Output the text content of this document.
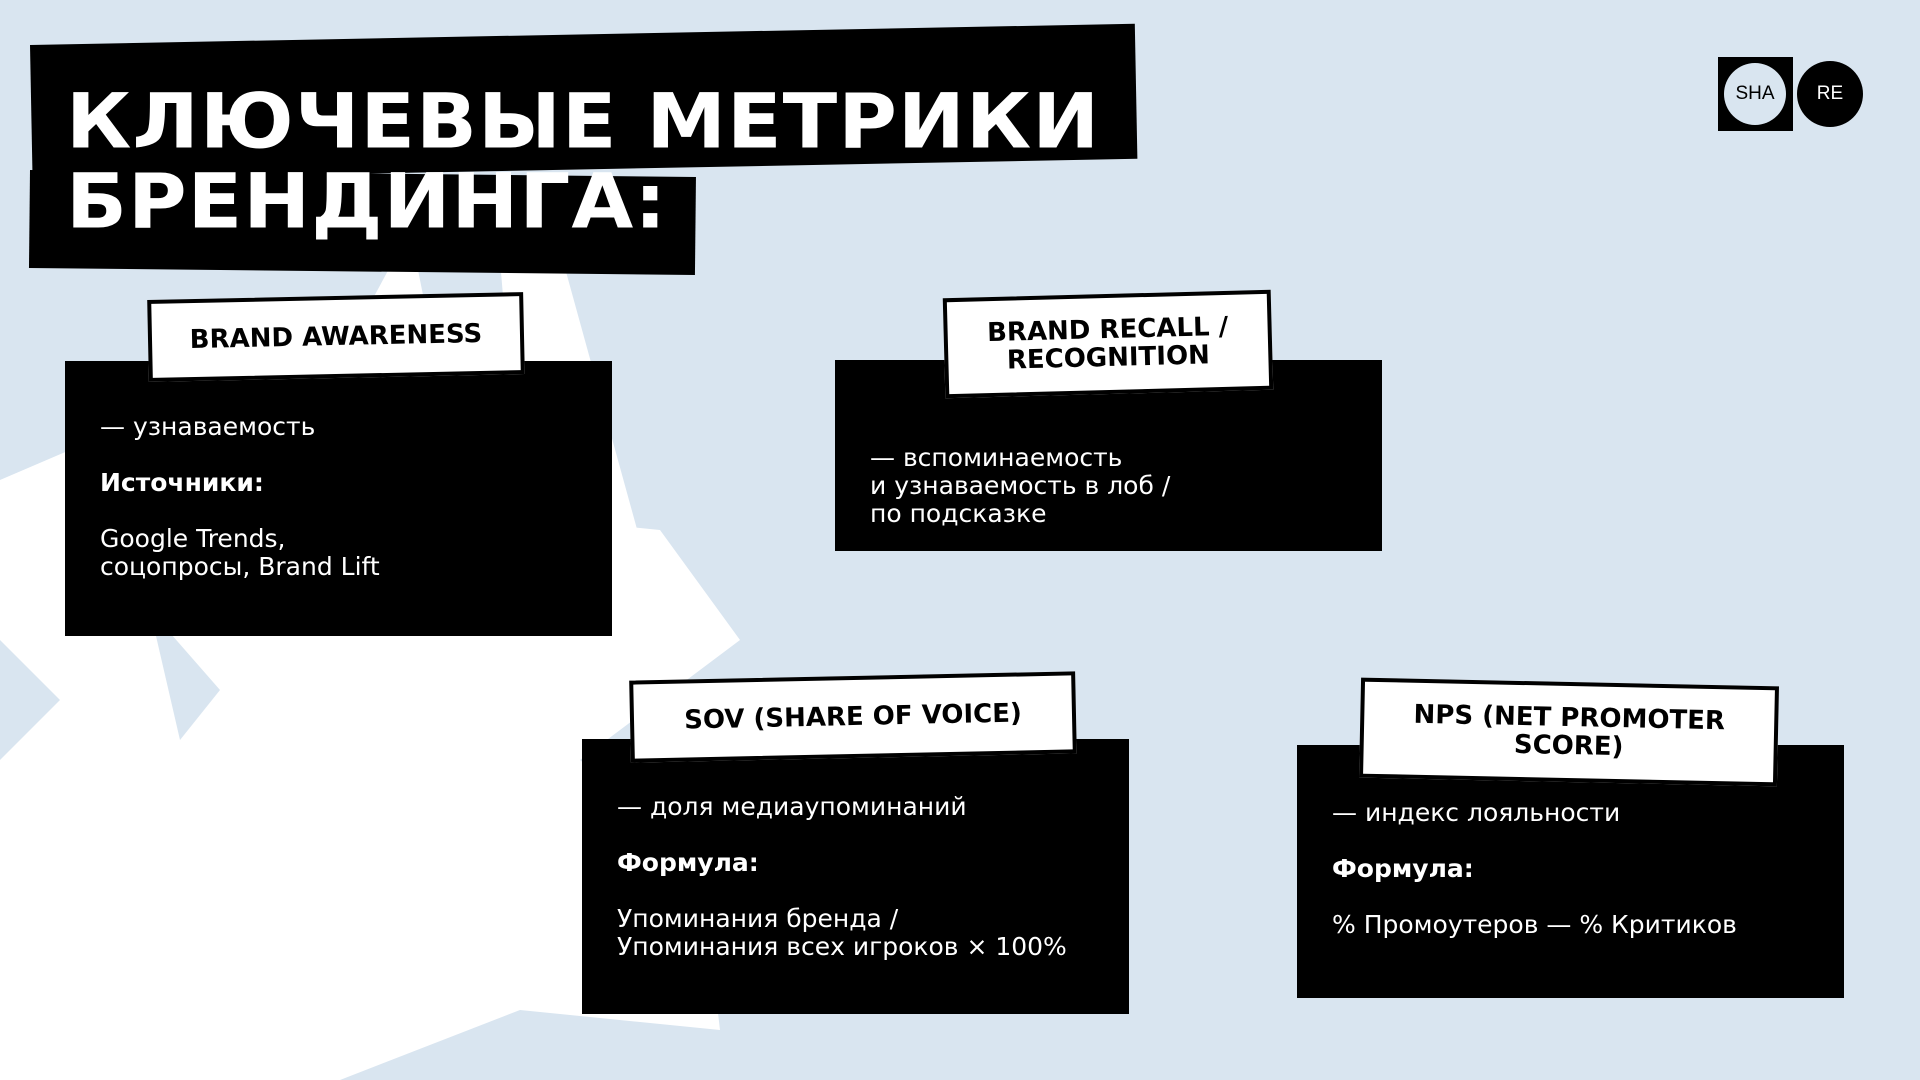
КЛЮЧЕВЫЕ МЕТРИКИ
БРЕНДИНГА:
SHA	RE

— узнаваемость

Источники:

Google Trends,
соцопросы, Brand Lift

BRAND AWARENESS

— вспоминаемость
и узнаваемость в лоб /
по подсказке

BRAND RECALL /
RECOGNITION

— доля медиаупоминаний

Формула:

Упоминания бренда /
Упоминания всех игроков × 100%

SOV (SHARE OF VOICE)

— индекс лояльности

Формула:

% Промоутеров — % Критиков

NPS (NET PROMOTER
SCORE)
